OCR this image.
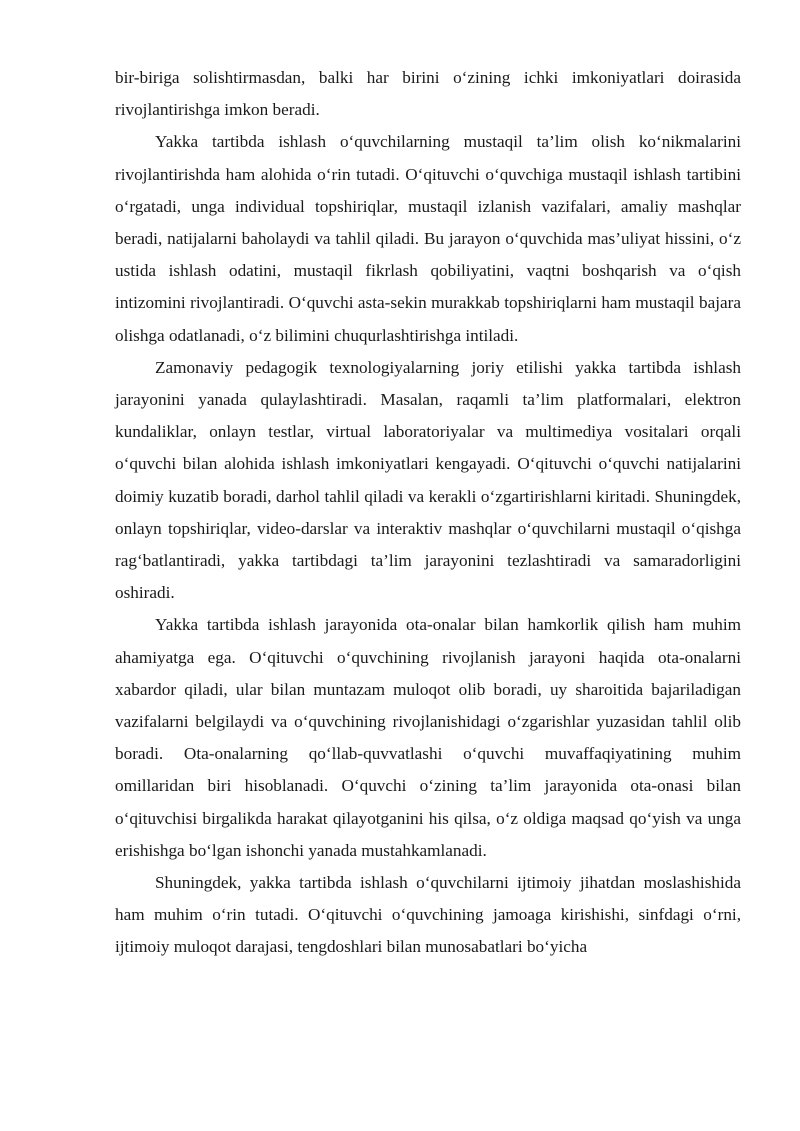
bir-biriga solishtirmasdan, balki har birini o‘zining ichki imkoniyatlari doirasida rivojlantirishga imkon beradi.

Yakka tartibda ishlash o‘quvchilarning mustaqil ta’lim olish ko‘nikmalarini rivojlantirishda ham alohida o‘rin tutadi. O‘qituvchi o‘quvchiga mustaqil ishlash tartibini o‘rgatadi, unga individual topshiriqlar, mustaqil izlanish vazifalari, amaliy mashqlar beradi, natijalarni baholaydi va tahlil qiladi. Bu jarayon o‘quvchida mas’uliyat hissini, o‘z ustida ishlash odatini, mustaqil fikrlash qobiliyatini, vaqtni boshqarish va o‘qish intizomini rivojlantiradi. O‘quvchi asta-sekin murakkab topshiriqlarni ham mustaqil bajara olishga odatlanadi, o‘z bilimini chuqurlashtirishga intiladi.

Zamonaviy pedagogik texnologiyalarning joriy etilishi yakka tartibda ishlash jarayonini yanada qulaylashtiradi. Masalan, raqamli ta’lim platformalari, elektron kundaliklar, onlayn testlar, virtual laboratoriyalar va multimediya vositalari orqali o‘quvchi bilan alohida ishlash imkoniyatlari kengayadi. O‘qituvchi o‘quvchi natijalarini doimiy kuzatib boradi, darhol tahlil qiladi va kerakli o‘zgartirishlarni kiritadi. Shuningdek, onlayn topshiriqlar, video-darslar va interaktiv mashqlar o‘quvchilarni mustaqil o‘qishga rag‘batlantiradi, yakka tartibdagi ta’lim jarayonini tezlashtiradi va samaradorligini oshiradi.

Yakka tartibda ishlash jarayonida ota-onalar bilan hamkorlik qilish ham muhim ahamiyatga ega. O‘qituvchi o‘quvchining rivojlanish jarayoni haqida ota-onalarni xabardor qiladi, ular bilan muntazam muloqot olib boradi, uy sharoitida bajariladigan vazifalarni belgilaydi va o‘quvchining rivojlanishidagi o‘zgarishlar yuzasidan tahlil olib boradi. Ota-onalarning qo‘llab-quvvatlashi o‘quvchi muvaffaqiyatining muhim omillaridan biri hisoblanadi. O‘quvchi o‘zining ta’lim jarayonida ota-onasi bilan o‘qituvchisi birgalikda harakat qilayotganini his qilsa, o‘z oldiga maqsad qo‘yish va unga erishishga bo‘lgan ishonchi yanada mustahkamlanadi.

Shuningdek, yakka tartibda ishlash o‘quvchilarni ijtimoiy jihatdan moslashishida ham muhim o‘rin tutadi. O‘qituvchi o‘quvchining jamoaga kirishishi, sinfdagi o‘rni, ijtimoiy muloqot darajasi, tengdoshlari bilan munosabatlari bo‘yicha
